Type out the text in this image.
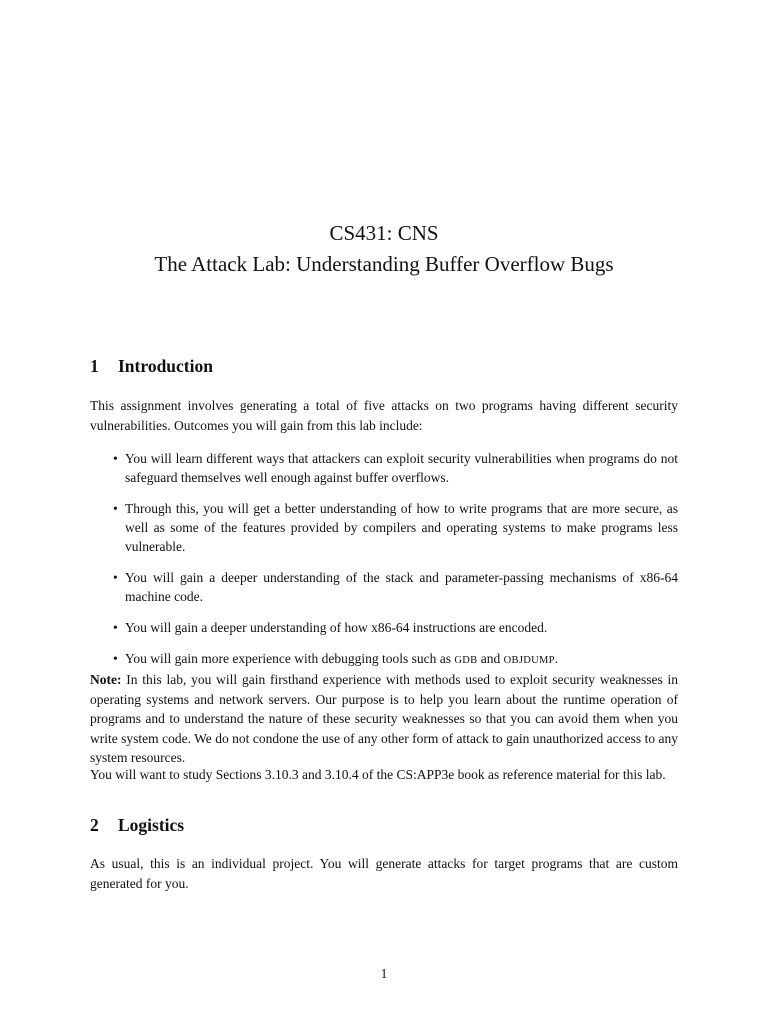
CS431: CNS
The Attack Lab: Understanding Buffer Overflow Bugs
1 Introduction
This assignment involves generating a total of five attacks on two programs having different security vulnerabilities. Outcomes you will gain from this lab include:
• You will learn different ways that attackers can exploit security vulnerabilities when programs do not safeguard themselves well enough against buffer overflows.
• Through this, you will get a better understanding of how to write programs that are more secure, as well as some of the features provided by compilers and operating systems to make programs less vulnerable.
• You will gain a deeper understanding of the stack and parameter-passing mechanisms of x86-64 machine code.
• You will gain a deeper understanding of how x86-64 instructions are encoded.
• You will gain more experience with debugging tools such as GDB and OBJDUMP.
Note: In this lab, you will gain firsthand experience with methods used to exploit security weaknesses in operating systems and network servers. Our purpose is to help you learn about the runtime operation of programs and to understand the nature of these security weaknesses so that you can avoid them when you write system code. We do not condone the use of any other form of attack to gain unauthorized access to any system resources.
You will want to study Sections 3.10.3 and 3.10.4 of the CS:APP3e book as reference material for this lab.
2 Logistics
As usual, this is an individual project. You will generate attacks for target programs that are custom generated for you.
1
